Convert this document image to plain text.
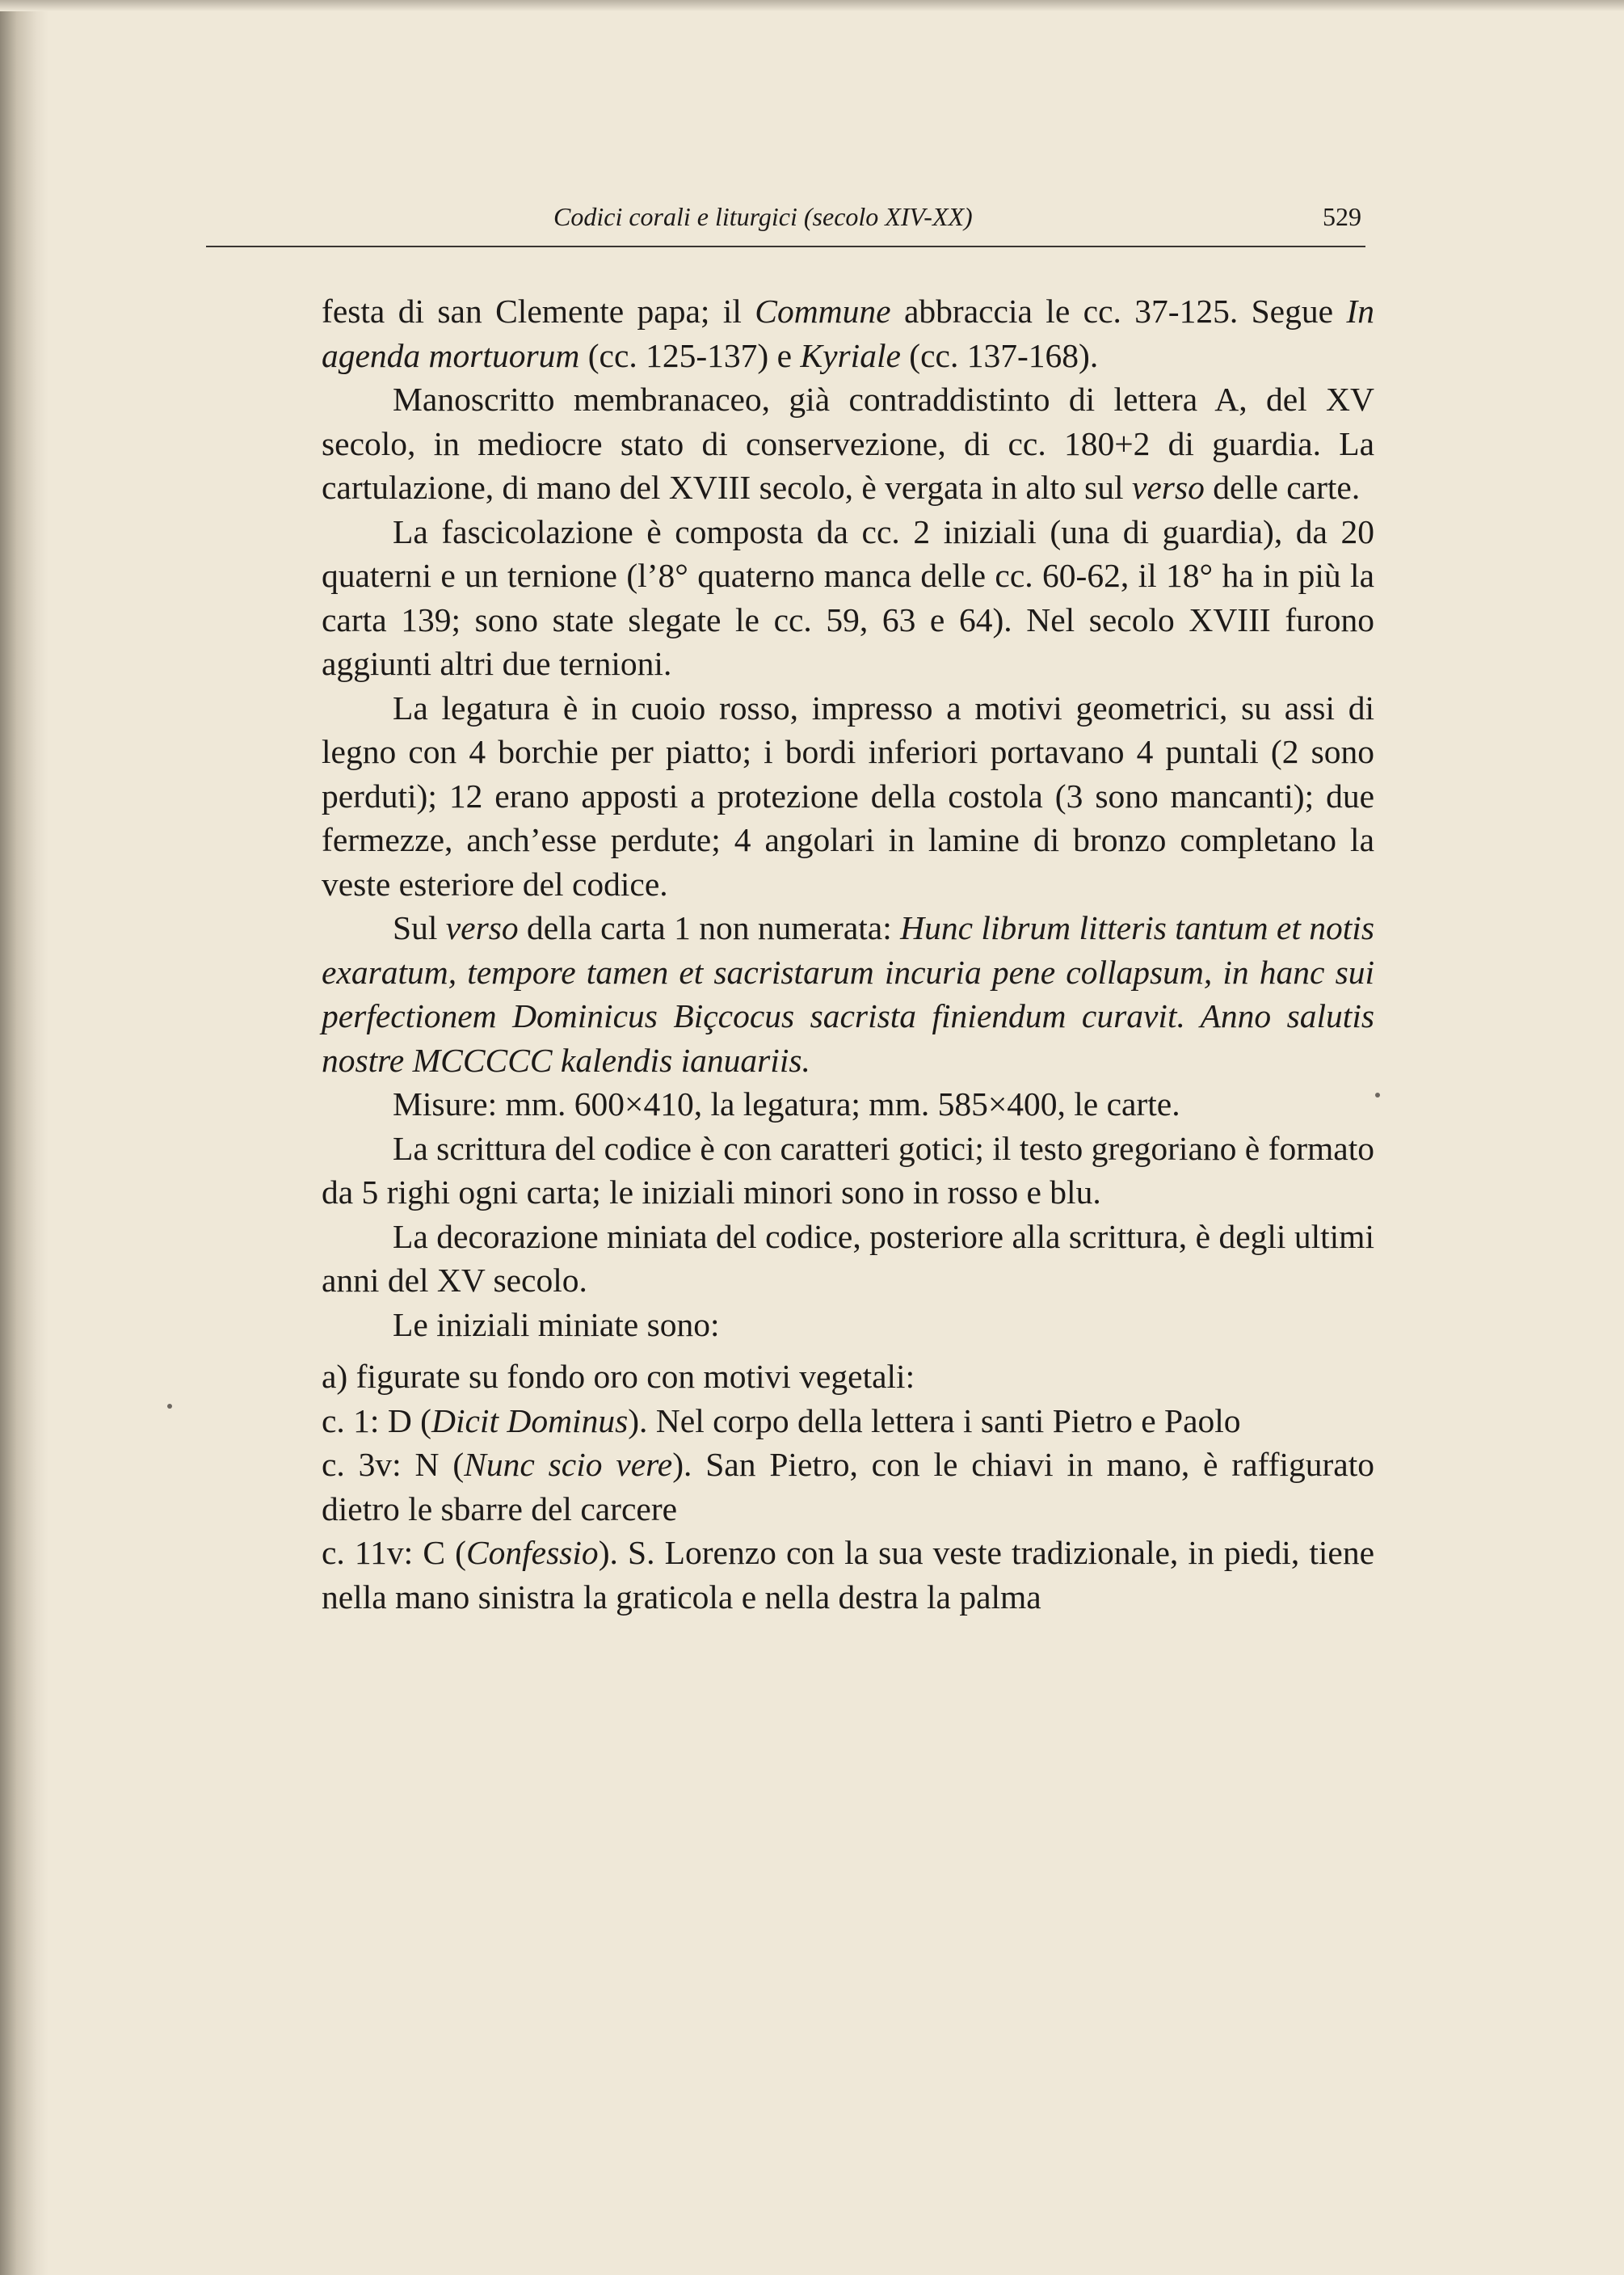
Codici corali e liturgici (secolo XIV-XX)	529

festa di san Clemente papa; il Commune abbraccia le cc. 37-125. Segue In agenda mortuorum (cc. 125-137) e Kyriale (cc. 137-168).

Manoscritto membranaceo, già contraddistinto di lettera A, del XV secolo, in mediocre stato di conservezione, di cc. 180+2 di guardia. La cartulazione, di mano del XVIII secolo, è vergata in alto sul verso delle carte.

La fascicolazione è composta da cc. 2 iniziali (una di guardia), da 20 quaterni e un ternione (l’8° quaterno manca delle cc. 60-62, il 18° ha in più la carta 139; sono state slegate le cc. 59, 63 e 64). Nel secolo XVIII furono aggiunti altri due ternioni.

La legatura è in cuoio rosso, impresso a motivi geometrici, su assi di legno con 4 borchie per piatto; i bordi inferiori portavano 4 puntali (2 sono perduti); 12 erano apposti a protezione della costola (3 sono mancanti); due fermezze, anch’esse perdute; 4 angolari in lamine di bronzo completano la veste esteriore del codice.

Sul verso della carta 1 non numerata: Hunc librum litteris tantum et notis exaratum, tempore tamen et sacristarum incuria pene collapsum, in hanc sui perfectionem Dominicus Biçcocus sacrista finiendum curavit. Anno salutis nostre MCCCCC kalendis ianuariis.

Misure: mm. 600×410, la legatura; mm. 585×400, le carte.

La scrittura del codice è con caratteri gotici; il testo gregoriano è formato da 5 righi ogni carta; le iniziali minori sono in rosso e blu.

La decorazione miniata del codice, posteriore alla scrittura, è degli ultimi anni del XV secolo.

Le iniziali miniate sono:

a) figurate su fondo oro con motivi vegetali:

c. 1: D (Dicit Dominus). Nel corpo della lettera i santi Pietro e Paolo

c. 3v: N (Nunc scio vere). San Pietro, con le chiavi in mano, è raffigurato dietro le sbarre del carcere

c. 11v: C (Confessio). S. Lorenzo con la sua veste tradizionale, in piedi, tiene nella mano sinistra la graticola e nella destra la palma
